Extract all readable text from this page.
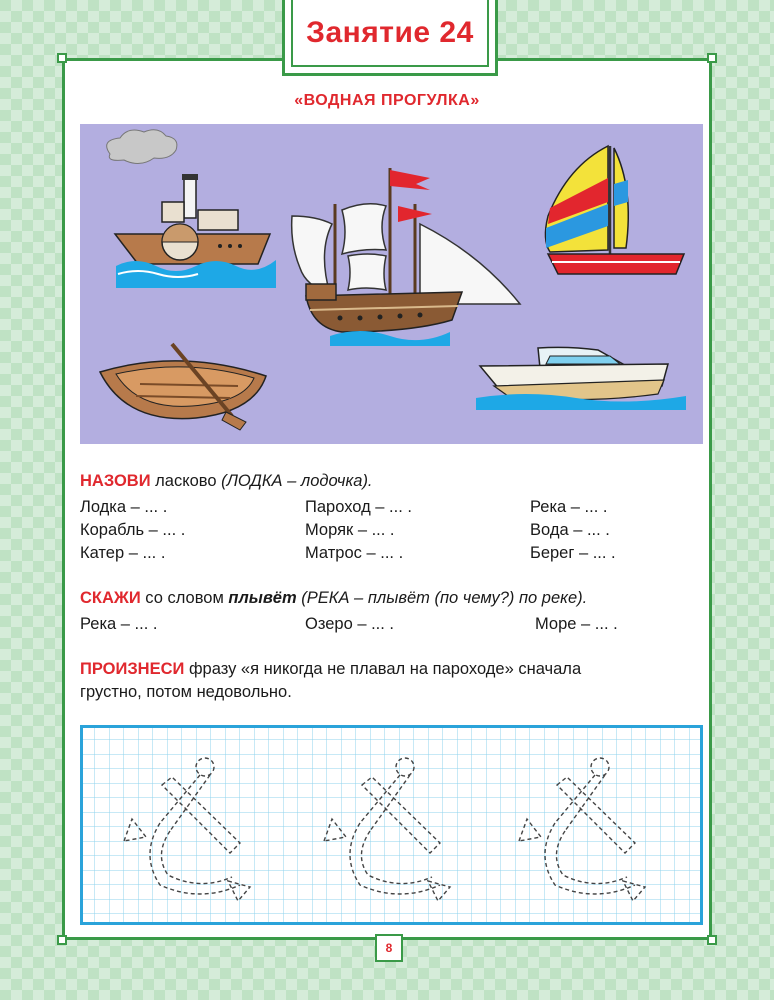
Занятие 24
«ВОДНАЯ ПРОГУЛКА»
НАЗОВИ ласково (ЛОДКА – лодочка).
Лодка – ... .
Корабль – ... .
Катер – ... .
Пароход – ... .
Моряк – ... .
Матрос – ... .
Река – ... .
Вода – ... .
Берег – ... .
СКАЖИ со словом плывёт (РЕКА – плывёт (по чему?) по реке).
Река – ... .	Озеро – ... .	Море – ... .
ПРОИЗНЕСИ фразу «я никогда не плавал на пароходе» сначала
грустно, потом недовольно.
8
